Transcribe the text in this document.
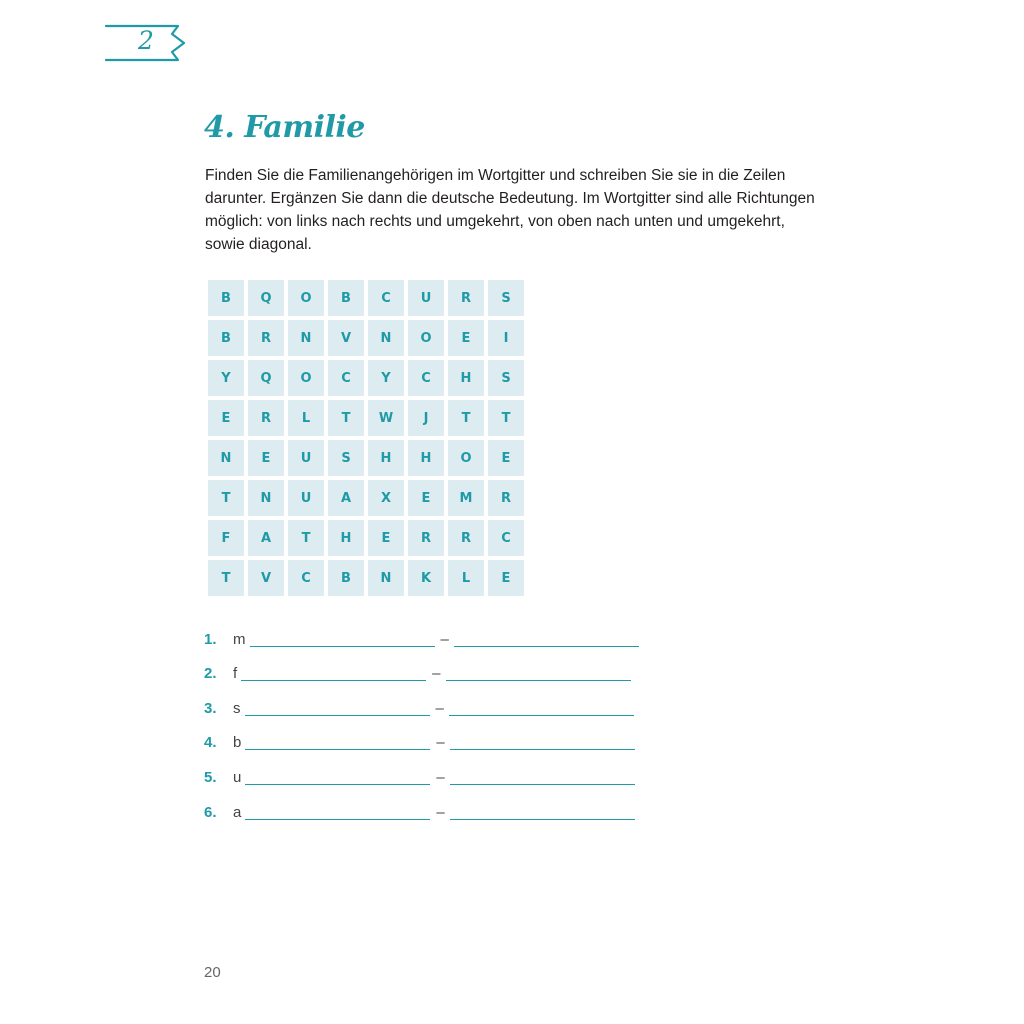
2
4. Familie

Finden Sie die Familienangehörigen im Wortgitter und schreiben Sie sie in die Zeilen darunter. Ergänzen Sie dann die deutsche Bedeutung. Im Wortgitter sind alle Richtungen möglich: von links nach rechts und umgekehrt, von oben nach unten und umgekehrt, sowie diagonal.

B	Q	O	B	C	U	R	S
B	R	N	V	N	O	E	I
Y	Q	O	C	Y	C	H	S
E	R	L	T	W	J	T	T
N	E	U	S	H	H	O	E
T	N	U	A	X	E	M	R
F	A	T	H	E	R	R	C
T	V	C	B	N	K	L	E
1.	m	–
2.	f	–
3.	s	–
4.	b	–
5.	u	–
6.	a	–
20
